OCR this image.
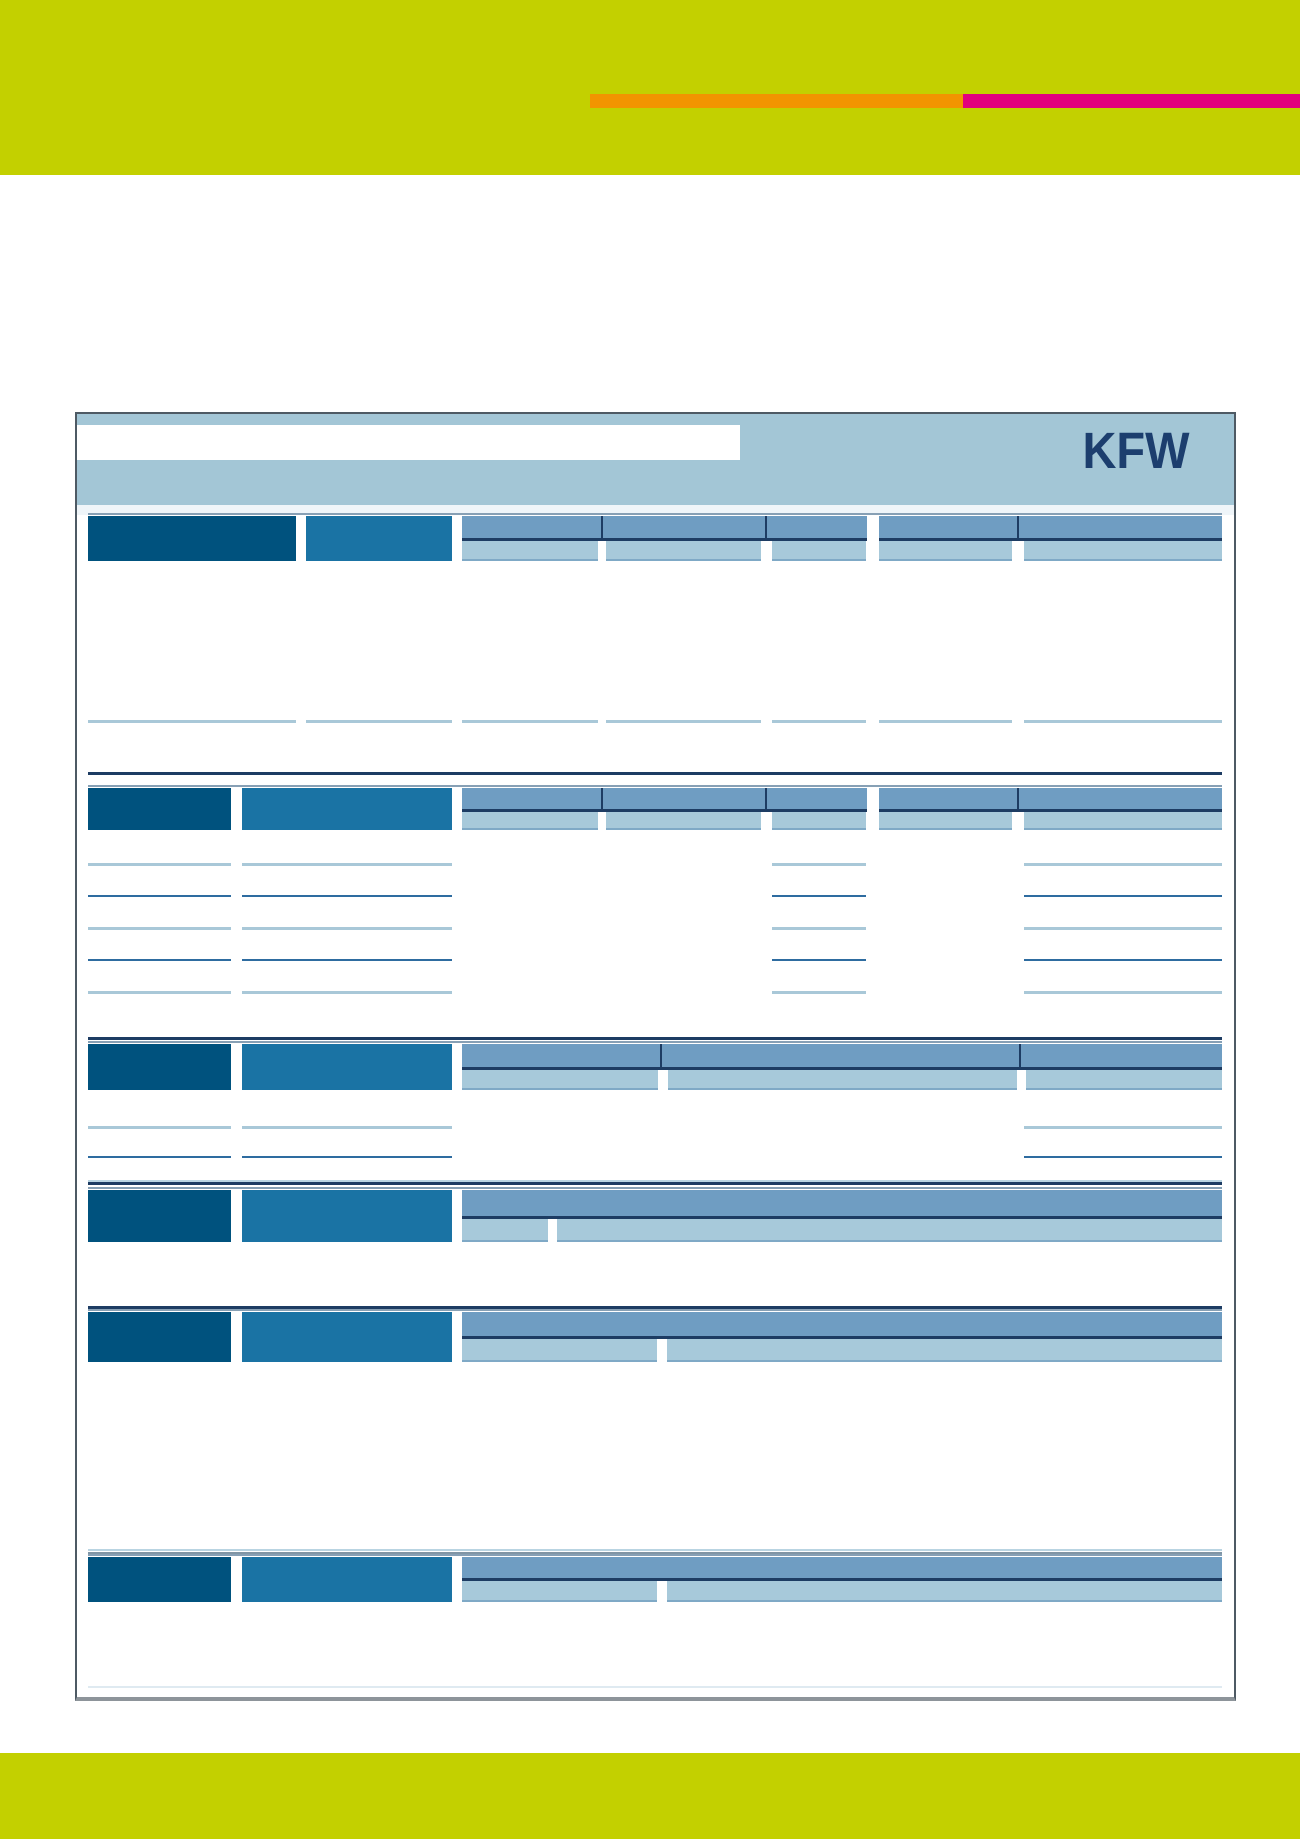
KFW
